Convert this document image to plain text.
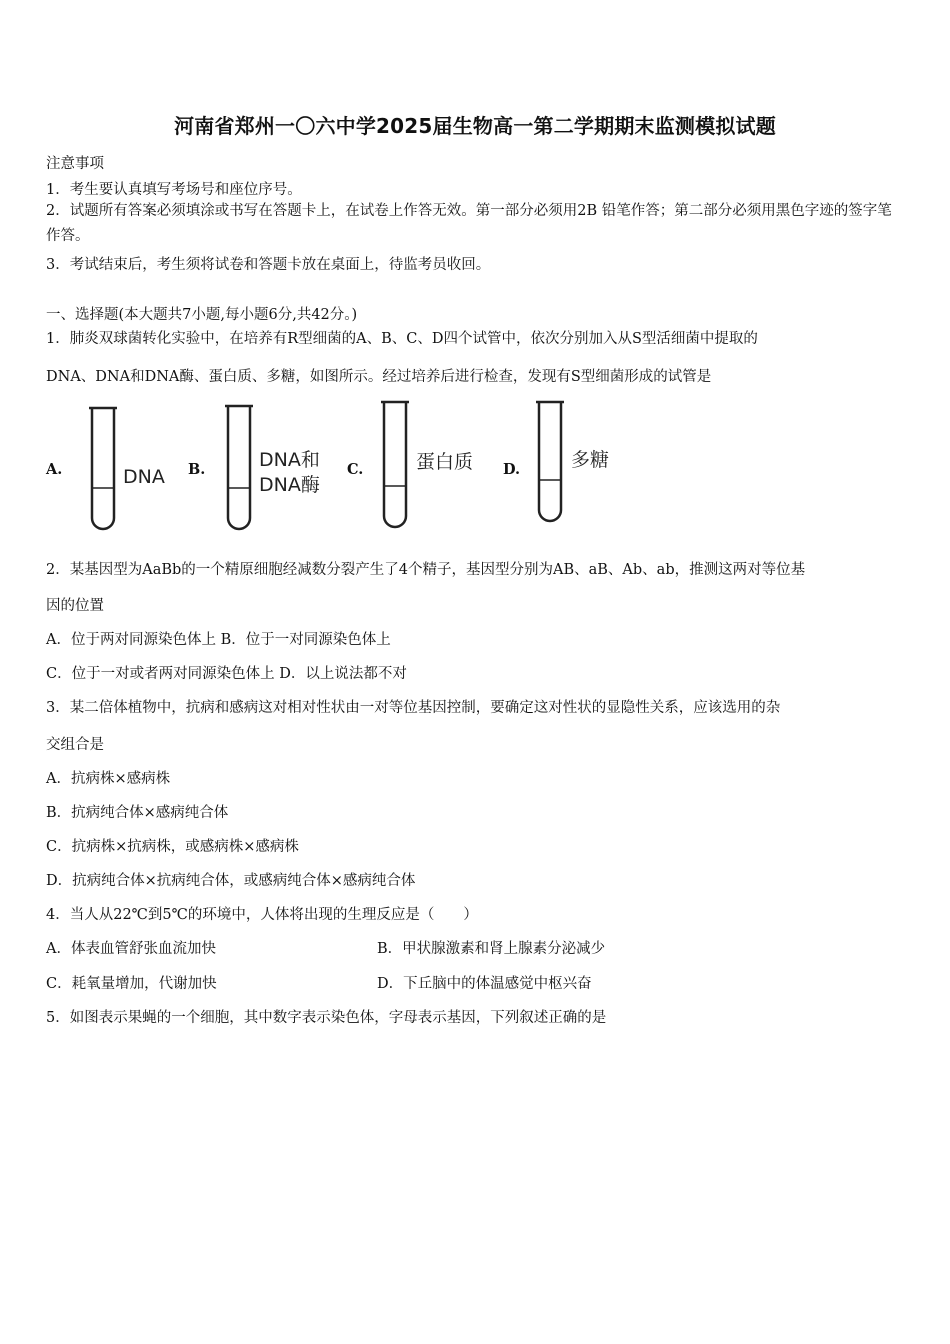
河南省郑州一〇六中学2025届生物高一第二学期期末监测模拟试题
注意事项
1．考生要认真填写考场号和座位序号。
2．试题所有答案必须填涂或书写在答题卡上，在试卷上作答无效。第一部分必须用2B 铅笔作答；第二部分必须用黑色字迹的签字笔作答。
3．考试结束后，考生须将试卷和答题卡放在桌面上，待监考员收回。
一、选择题(本大题共7小题,每小题6分,共42分。)
1．肺炎双球菌转化实验中，在培养有R型细菌的A、B、C、D四个试管中，依次分别加入从S型活细菌中提取的
DNA、DNA和DNA酶、蛋白质、多糖，如图所示。经过培养后进行检查，发现有S型细菌形成的试管是
A.	DNA B.	DNA和
DNA酶
C.	蛋白质 D.	多糖
2．某基因型为AaBb的一个精原细胞经减数分裂产生了4个精子，基因型分别为AB、aB、Ab、ab，推测这两对等位基
因的位置
A．位于两对同源染色体上 B．位于一对同源染色体上
C．位于一对或者两对同源染色体上 D．以上说法都不对
3．某二倍体植物中，抗病和感病这对相对性状由一对等位基因控制，要确定这对性状的显隐性关系，应该选用的杂
交组合是
A．抗病株×感病株
B．抗病纯合体×感病纯合体
C．抗病株×抗病株，或感病株×感病株
D．抗病纯合体×抗病纯合体，或感病纯合体×感病纯合体
4．当人从22℃到5℃的环境中，人体将出现的生理反应是（　　）
A．体表血管舒张血流加快	B．甲状腺激素和肾上腺素分泌减少
C．耗氧量增加，代谢加快	D．下丘脑中的体温感觉中枢兴奋
5．如图表示果蝇的一个细胞，其中数字表示染色体，字母表示基因，下列叙述正确的是
